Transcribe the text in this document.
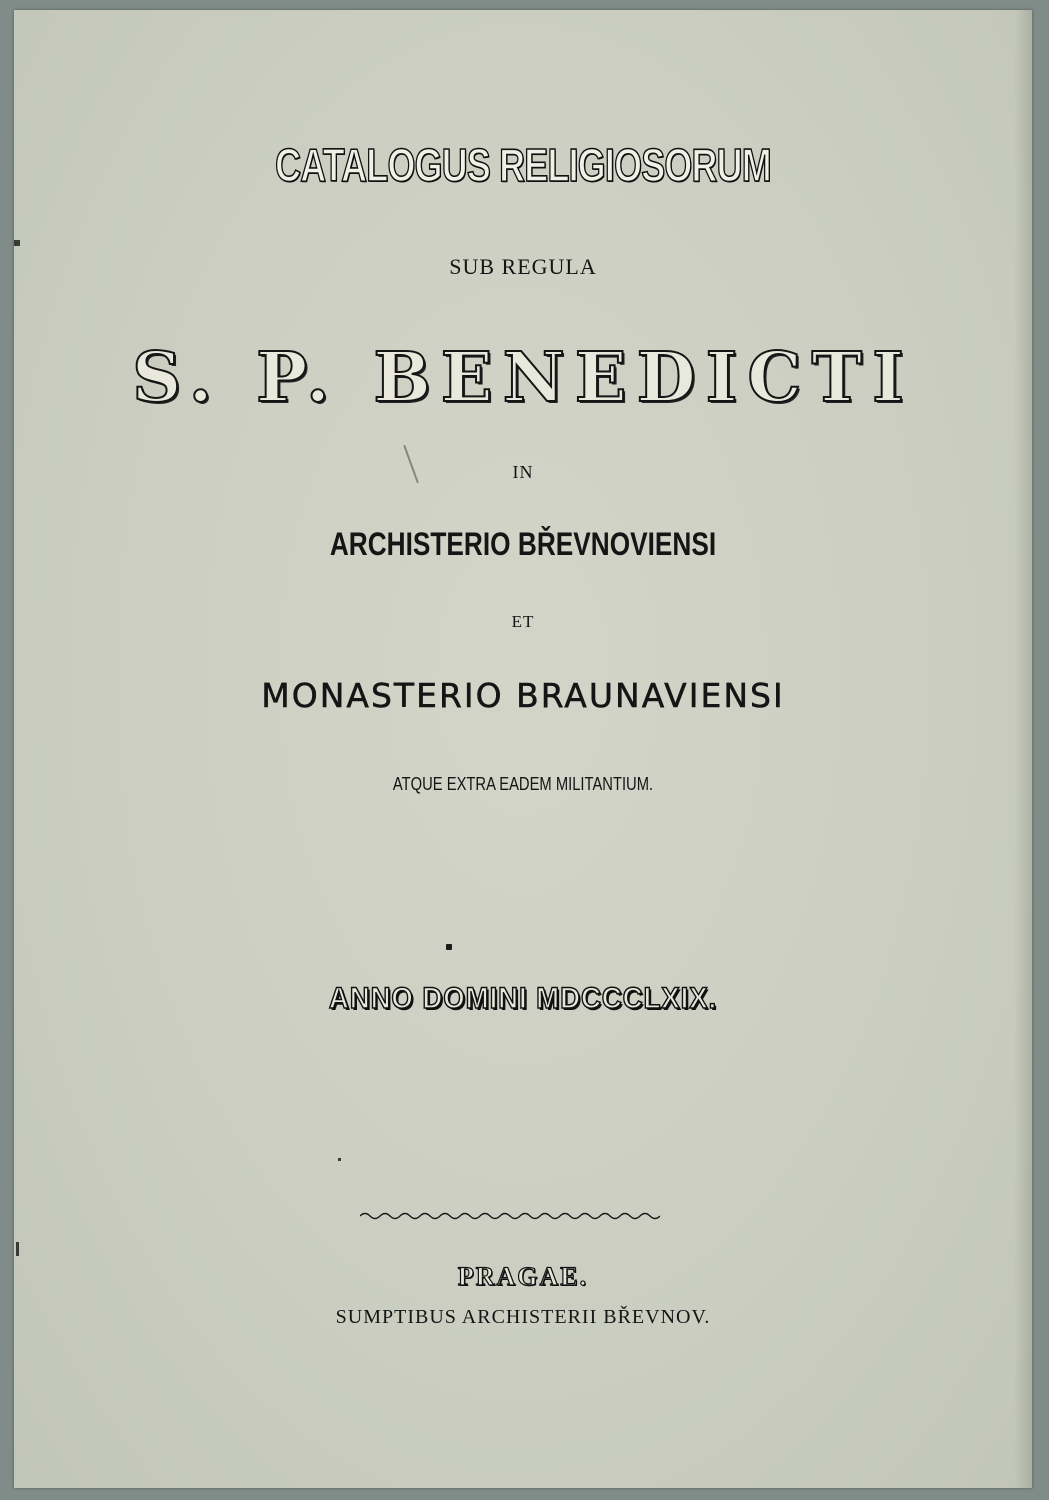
CATALOGUS RELIGIOSORUM
SUB REGULA
S. P. BENEDICTI
IN
ARCHISTERIO BŘEVNOVIENSI
ET
MONASTERIO BRAUNAVIENSI
ATQUE EXTRA EADEM MILITANTIUM.
ANNO DOMINI MDCCCLXIX.
PRAGAE.
SUMPTIBUS ARCHISTERII BŘEVNOV.
